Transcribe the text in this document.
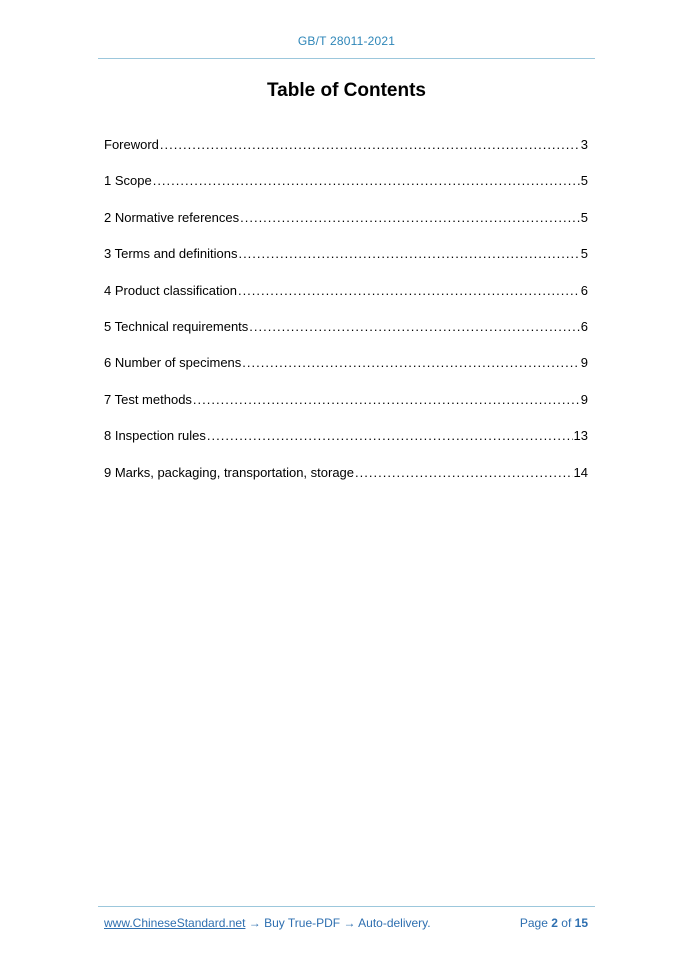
GB/T 28011-2021
Table of Contents
Foreword .....	3
1 Scope .....	5
2 Normative references .....	5
3 Terms and definitions .....	5
4 Product classification .....	6
5 Technical requirements .....	6
6 Number of specimens .....	9
7 Test methods .....	9
8 Inspection rules .....	13
9 Marks, packaging, transportation, storage .....	14
www.ChineseStandard.net → Buy True-PDF → Auto-delivery.	Page 2 of 15
